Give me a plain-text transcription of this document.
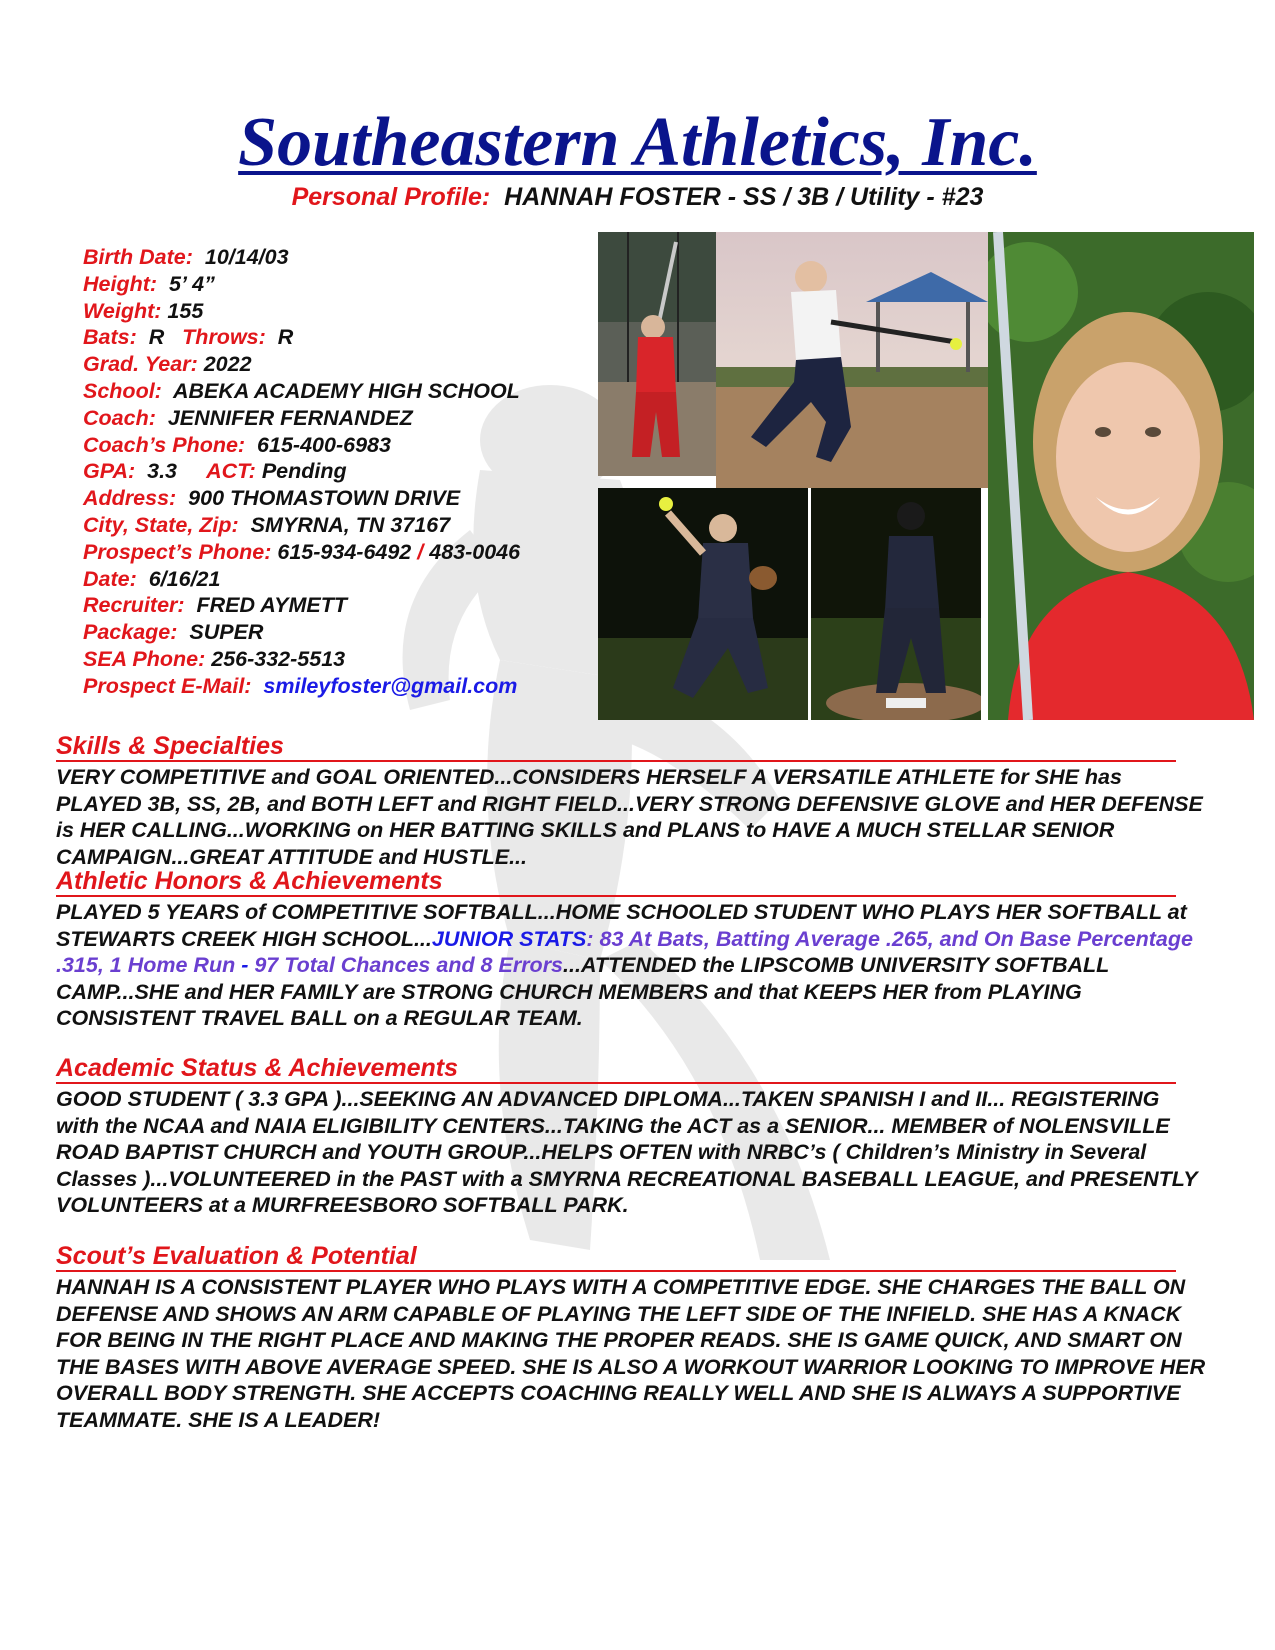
Southeastern Athletics, Inc.
Personal Profile: HANNAH FOSTER - SS / 3B / Utility - #23
Birth Date: 10/14/03
Height: 5’ 4”
Weight: 155
Bats: R Throws: R
Grad. Year: 2022
School: ABEKA ACADEMY HIGH SCHOOL
Coach: JENNIFER FERNANDEZ
Coach’s Phone: 615-400-6983
GPA: 3.3 ACT: Pending
Address: 900 THOMASTOWN DRIVE
City, State, Zip: SMYRNA, TN 37167
Prospect’s Phone: 615-934-6492 / 483-0046
Date: 6/16/21
Recruiter: FRED AYMETT
Package: SUPER
SEA Phone: 256-332-5513
Prospect E-Mail: smileyfoster@gmail.com
Skills & Specialties
VERY COMPETITIVE and GOAL ORIENTED...CONSIDERS HERSELF A VERSATILE ATHLETE for SHE has PLAYED 3B, SS, 2B, and BOTH LEFT and RIGHT FIELD...VERY STRONG DEFENSIVE GLOVE and HER DEFENSE is HER CALLING...WORKING on HER BATTING SKILLS and PLANS to HAVE A MUCH STELLAR SENIOR CAMPAIGN...GREAT ATTITUDE and HUSTLE...
Athletic Honors & Achievements
PLAYED 5 YEARS of COMPETITIVE SOFTBALL...HOME SCHOOLED STUDENT WHO PLAYS HER SOFTBALL at STEWARTS CREEK HIGH SCHOOL...JUNIOR STATS: 83 At Bats, Batting Average .265, and On Base Percentage .315, 1 Home Run - 97 Total Chances and 8 Errors...ATTENDED the LIPSCOMB UNIVERSITY SOFTBALL CAMP...SHE and HER FAMILY are STRONG CHURCH MEMBERS and that KEEPS HER from PLAYING CONSISTENT TRAVEL BALL on a REGULAR TEAM.
Academic Status & Achievements
GOOD STUDENT ( 3.3 GPA )...SEEKING AN ADVANCED DIPLOMA...TAKEN SPANISH I and II... REGISTERING with the NCAA and NAIA ELIGIBILITY CENTERS...TAKING the ACT as a SENIOR... MEMBER of NOLENSVILLE ROAD BAPTIST CHURCH and YOUTH GROUP...HELPS OFTEN with NRBC’s ( Children’s Ministry in Several Classes )...VOLUNTEERED in the PAST with a SMYRNA RECREATIONAL BASEBALL LEAGUE, and PRESENTLY VOLUNTEERS at a MURFREESBORO SOFTBALL PARK.
Scout’s Evaluation & Potential
HANNAH IS A CONSISTENT PLAYER WHO PLAYS WITH A COMPETITIVE EDGE. SHE CHARGES THE BALL ON DEFENSE AND SHOWS AN ARM CAPABLE OF PLAYING THE LEFT SIDE OF THE INFIELD. SHE HAS A KNACK FOR BEING IN THE RIGHT PLACE AND MAKING THE PROPER READS. SHE IS GAME QUICK, AND SMART ON THE BASES WITH ABOVE AVERAGE SPEED. SHE IS ALSO A WORKOUT WARRIOR LOOKING TO IMPROVE HER OVERALL BODY STRENGTH. SHE ACCEPTS COACHING REALLY WELL AND SHE IS ALWAYS A SUPPORTIVE TEAMMATE. SHE IS A LEADER!
